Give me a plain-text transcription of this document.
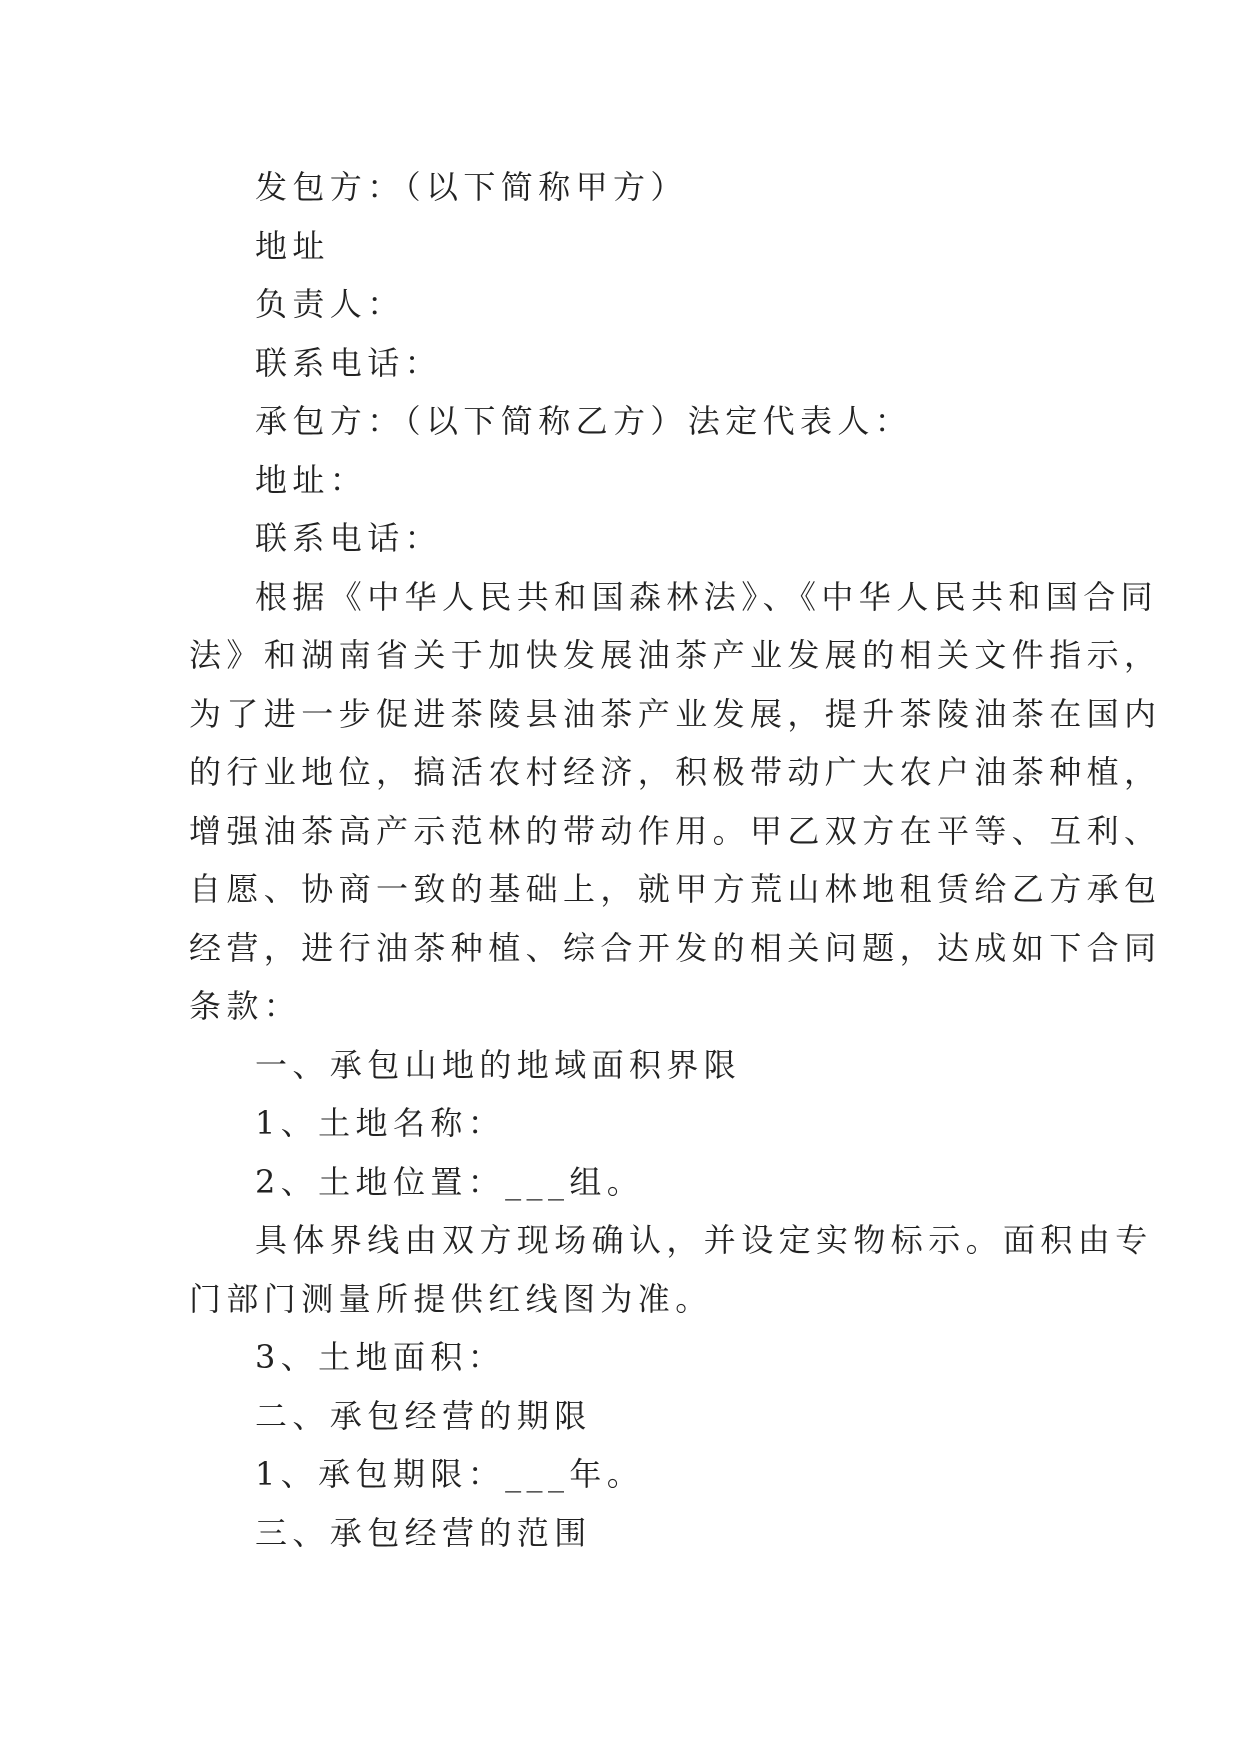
发包方：（以下简称甲方）

地址

负责人：

联系电话：

承包方：（以下简称乙方）法定代表人：

地址：

联系电话：

根据《中华人民共和国森林法》、《中华人民共和国合同

法》和湖南省关于加快发展油茶产业发展的相关文件指示，

为了进一步促进茶陵县油茶产业发展，提升茶陵油茶在国内

的行业地位，搞活农村经济，积极带动广大农户油茶种植，

增强油茶高产示范林的带动作用。甲乙双方在平等、互利、

自愿、协商一致的基础上，就甲方荒山林地租赁给乙方承包

经营，进行油茶种植、综合开发的相关问题，达成如下合同

条款：

一、承包山地的地域面积界限

1、土地名称：

2、土地位置：___组。

具体界线由双方现场确认，并设定实物标示。面积由专

门部门测量所提供红线图为准。

3、土地面积：

二、承包经营的期限

1、承包期限：___年。

三、承包经营的范围
